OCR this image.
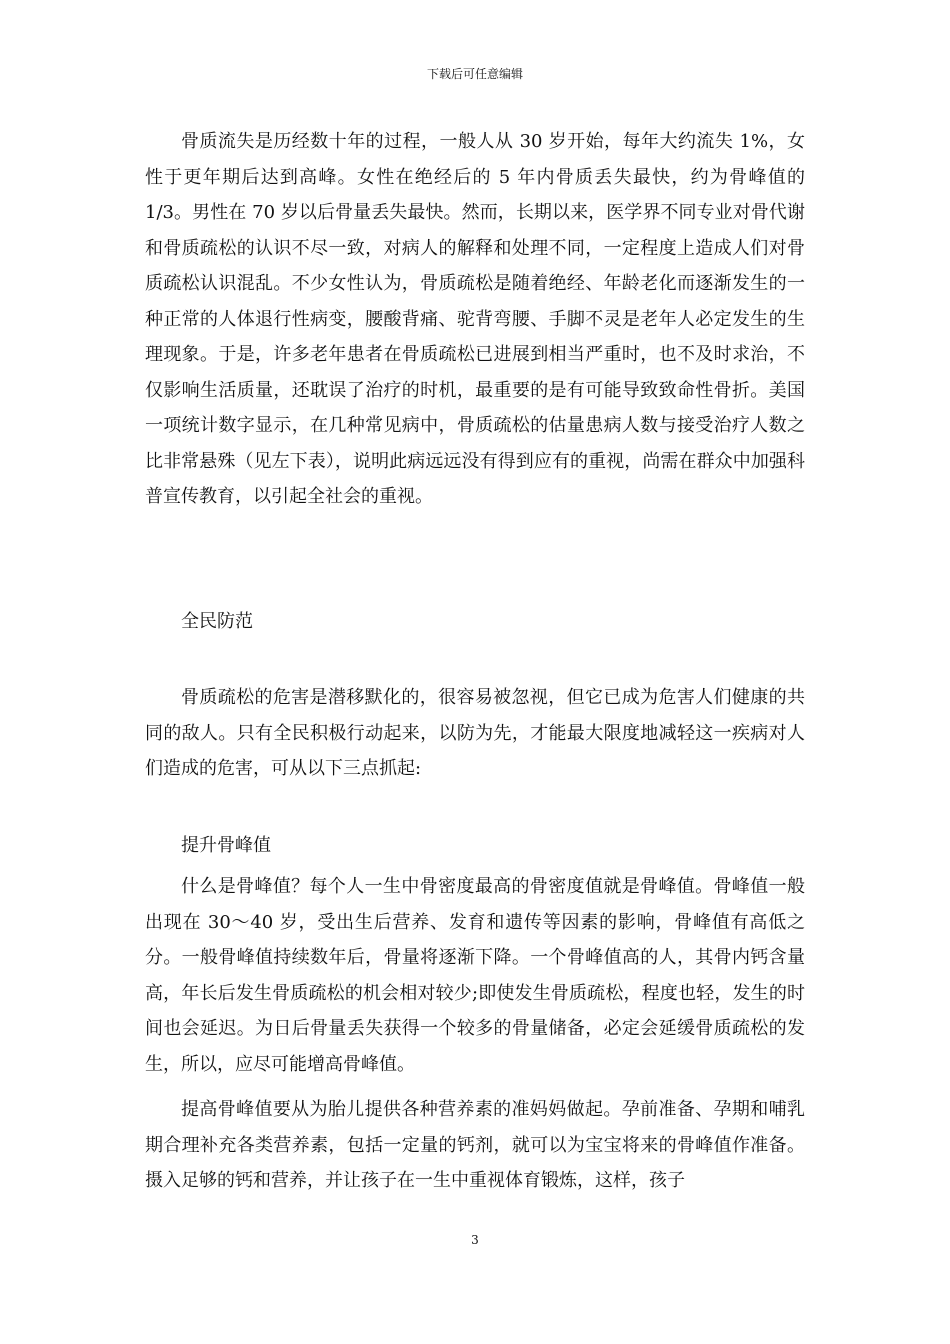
下载后可任意编辑

骨质流失是历经数十年的过程，一般人从 30 岁开始，每年大约流失 1%，女性于更年期后达到高峰。女性在绝经后的 5 年内骨质丢失最快，约为骨峰值的 1/3。男性在 70 岁以后骨量丢失最快。然而，长期以来，医学界不同专业对骨代谢和骨质疏松的认识不尽一致，对病人的解释和处理不同，一定程度上造成人们对骨质疏松认识混乱。不少女性认为，骨质疏松是随着绝经、年龄老化而逐渐发生的一种正常的人体退行性病变，腰酸背痛、驼背弯腰、手脚不灵是老年人必定发生的生理现象。于是，许多老年患者在骨质疏松已进展到相当严重时，也不及时求治，不仅影响生活质量，还耽误了治疗的时机，最重要的是有可能导致致命性骨折。美国一项统计数字显示，在几种常见病中，骨质疏松的估量患病人数与接受治疗人数之比非常悬殊（见左下表），说明此病远远没有得到应有的重视，尚需在群众中加强科普宣传教育，以引起全社会的重视。

全民防范

骨质疏松的危害是潜移默化的，很容易被忽视，但它已成为危害人们健康的共同的敌人。只有全民积极行动起来，以防为先，才能最大限度地减轻这一疾病对人们造成的危害，可从以下三点抓起:

提升骨峰值

什么是骨峰值？每个人一生中骨密度最高的骨密度值就是骨峰值。骨峰值一般出现在 30～40 岁，受出生后营养、发育和遗传等因素的影响，骨峰值有高低之分。一般骨峰值持续数年后，骨量将逐渐下降。一个骨峰值高的人，其骨内钙含量高，年长后发生骨质疏松的机会相对较少;即使发生骨质疏松，程度也轻，发生的时间也会延迟。为日后骨量丢失获得一个较多的骨量储备，必定会延缓骨质疏松的发生，所以，应尽可能增高骨峰值。

提高骨峰值要从为胎儿提供各种营养素的准妈妈做起。孕前准备、孕期和哺乳期合理补充各类营养素，包括一定量的钙剂，就可以为宝宝将来的骨峰值作准备。摄入足够的钙和营养，并让孩子在一生中重视体育锻炼，这样，孩子

3
